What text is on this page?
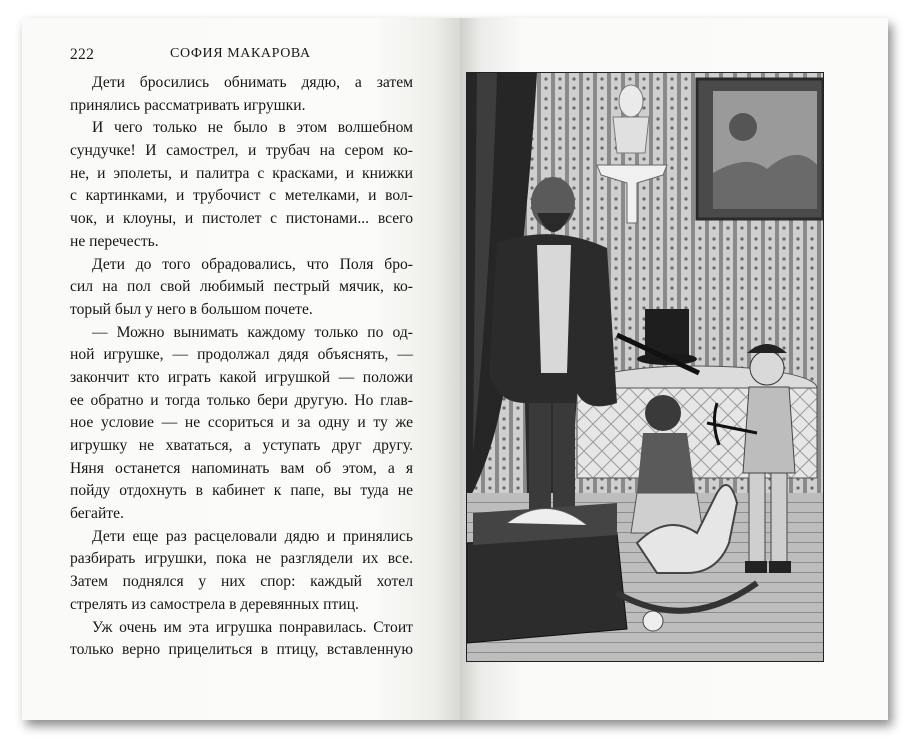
222	СОФИЯ МАКАРОВА
Дети бросились обнимать дядю, а затем
принялись рассматривать игрушки.
И чего только не было в этом волшебном
сундучке! И самострел, и трубач на сером ко-
не, и эполеты, и палитра с красками, и книжки
с картинками, и трубочист с метелками, и вол-
чок, и клоуны, и пистолет с пистонами... всего
не перечесть.
Дети до того обрадовались, что Поля бро-
сил на пол свой любимый пестрый мячик, ко-
торый был у него в большом почете.
— Можно вынимать каждому только по од-
ной игрушке, — продолжал дядя объяснять, —
закончит кто играть какой игрушкой — положи
ее обратно и тогда только бери другую. Но глав-
ное условие — не ссориться и за одну и ту же
игрушку не хвататься, а уступать друг другу.
Няня останется напоминать вам об этом, а я
пойду отдохнуть в кабинет к папе, вы туда не
бегайте.
Дети еще раз расцеловали дядю и принялись
разбирать игрушки, пока не разглядели их все.
Затем поднялся у них спор: каждый хотел
стрелять из самострела в деревянных птиц.
Уж очень им эта игрушка понравилась. Стоит
только верно прицелиться в птицу, вставленную
